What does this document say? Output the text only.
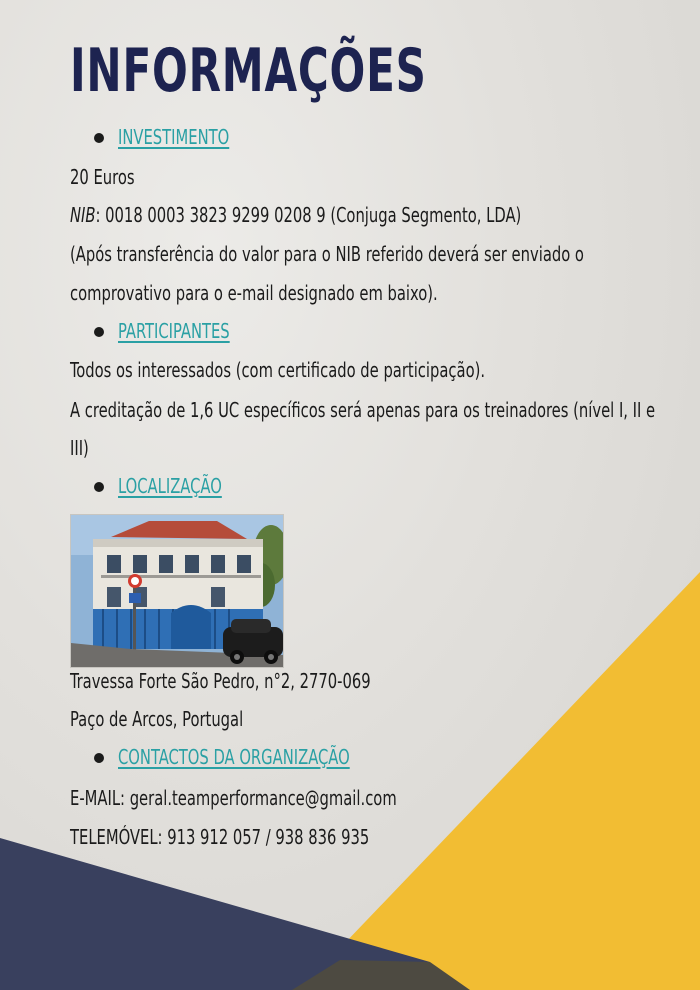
INFORMAÇÕES
INVESTIMENTO
20 Euros
NIB: 0018 0003 3823 9299 0208 9 (Conjuga Segmento, LDA)
(Após transferência do valor para o NIB referido deverá ser enviado o
comprovativo para o e-mail designado em baixo).
PARTICIPANTES
Todos os interessados (com certificado de participação).
A creditação de 1,6 UC específicos será apenas para os treinadores (nível I, II e
III)
LOCALIZAÇÃO
Travessa Forte São Pedro, n°2, 2770-069
Paço de Arcos, Portugal
CONTACTOS DA ORGANIZAÇÃO
E-MAIL: geral.teamperformance@gmail.com
TELEMÓVEL: 913 912 057 / 938 836 935
